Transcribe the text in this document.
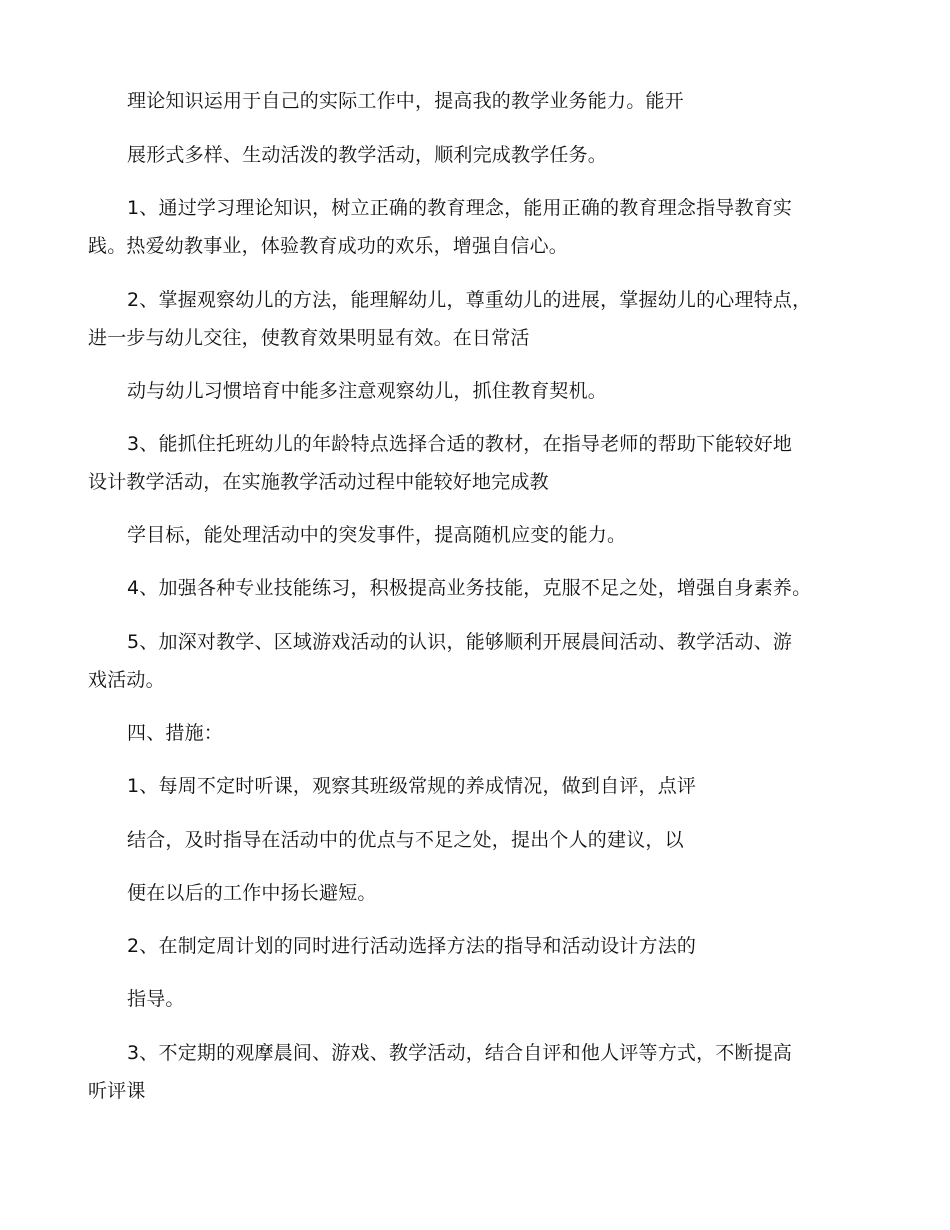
理论知识运用于自己的实际工作中，提高我的教学业务能力。能开
展形式多样、生动活泼的教学活动，顺利完成教学任务。
1、通过学习理论知识，树立正确的教育理念，能用正确的教育理念指导教育实
践。热爱幼教事业，体验教育成功的欢乐，增强自信心。
2、掌握观察幼儿的方法，能理解幼儿，尊重幼儿的进展，掌握幼儿的心理特点，
进一步与幼儿交往，使教育效果明显有效。在日常活
动与幼儿习惯培育中能多注意观察幼儿，抓住教育契机。
3、能抓住托班幼儿的年龄特点选择合适的教材，在指导老师的帮助下能较好地
设计教学活动，在实施教学活动过程中能较好地完成教
学目标，能处理活动中的突发事件，提高随机应变的能力。
4、加强各种专业技能练习，积极提高业务技能，克服不足之处，增强自身素养。
5、加深对教学、区域游戏活动的认识，能够顺利开展晨间活动、教学活动、游
戏活动。
四、措施：
1、每周不定时听课，观察其班级常规的养成情况，做到自评，点评
结合，及时指导在活动中的优点与不足之处，提出个人的建议，以
便在以后的工作中扬长避短。
2、在制定周计划的同时进行活动选择方法的指导和活动设计方法的
指导。
3、不定期的观摩晨间、游戏、教学活动，结合自评和他人评等方式，不断提高
听评课
